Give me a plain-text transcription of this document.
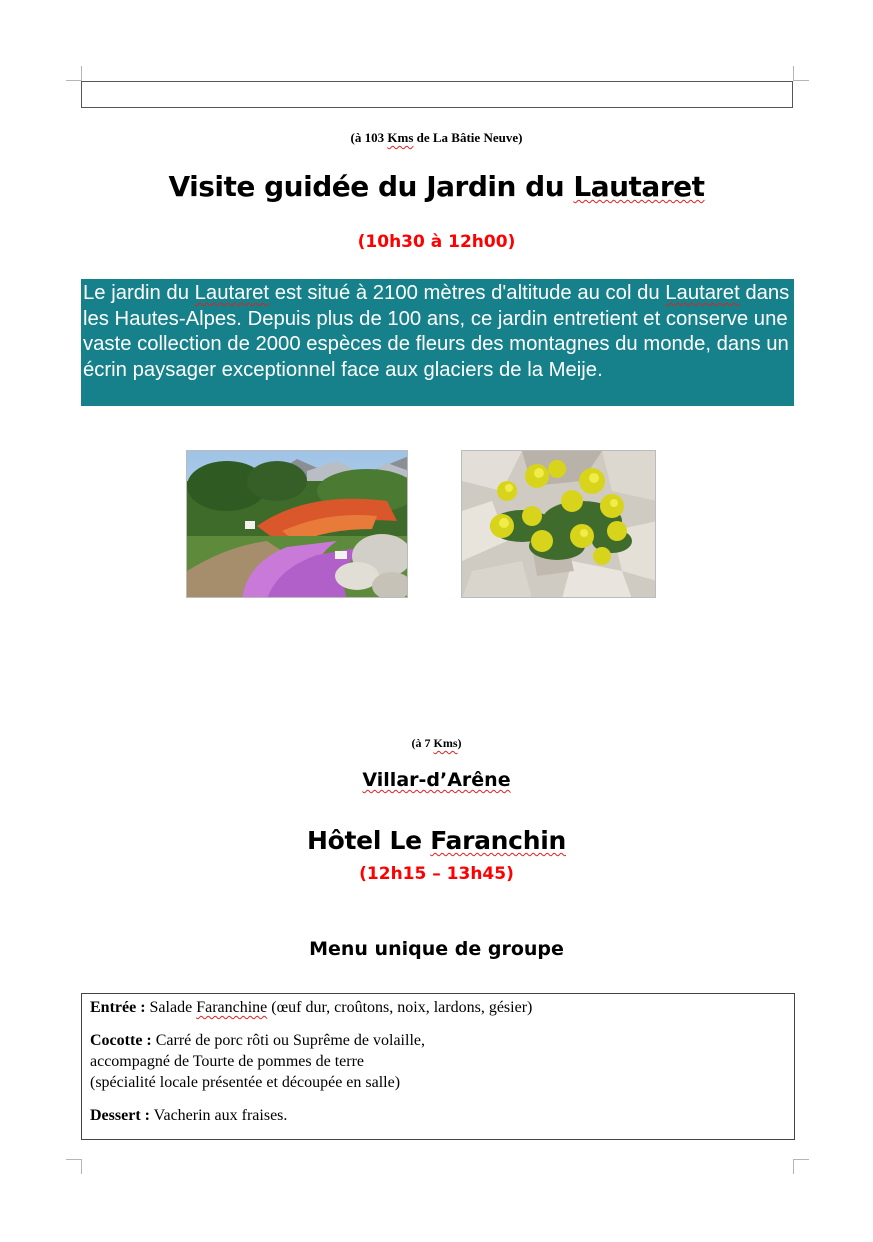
(à 103 Kms de La Bâtie Neuve)
Visite guidée du Jardin du Lautaret
(10h30 à 12h00)
Le jardin du Lautaret est situé à 2100 mètres d'altitude au col du Lautaret dans les Hautes-Alpes. Depuis plus de 100 ans, ce jardin entretient et conserve une vaste collection de 2000 espèces de fleurs des montagnes du monde, dans un écrin paysager exceptionnel face aux glaciers de la Meije.
(à 7 Kms)
Villar-d’Arêne
Hôtel Le Faranchin
(12h15 – 13h45)
Menu unique de groupe

Entrée : Salade Faranchine (œuf dur, croûtons, noix, lardons, gésier)

Cocotte : Carré de porc rôti ou Suprême de volaille,
accompagné de Tourte de pommes de terre
(spécialité locale présentée et découpée en salle)

Dessert : Vacherin aux fraises.
